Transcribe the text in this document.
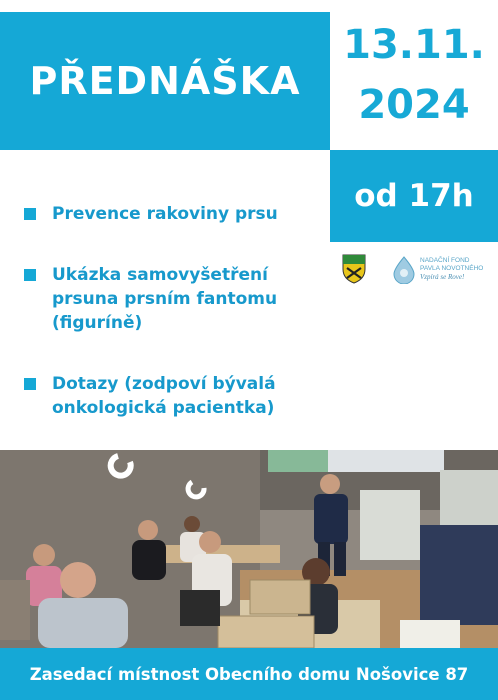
PŘEDNÁŠKA
13.11.
2024
od 17h
Prevence rakoviny prsu
Ukázka samovyšetření
prsuna prsním fantomu
(figuríně)
Dotazy (zodpoví bývalá
onkologická pacientka)
NADAČNÍ FOND
PAVLA NOVOTNÉHO
Vzpírá se Rove!
Zasedací místnost Obecního domu Nošovice 87
